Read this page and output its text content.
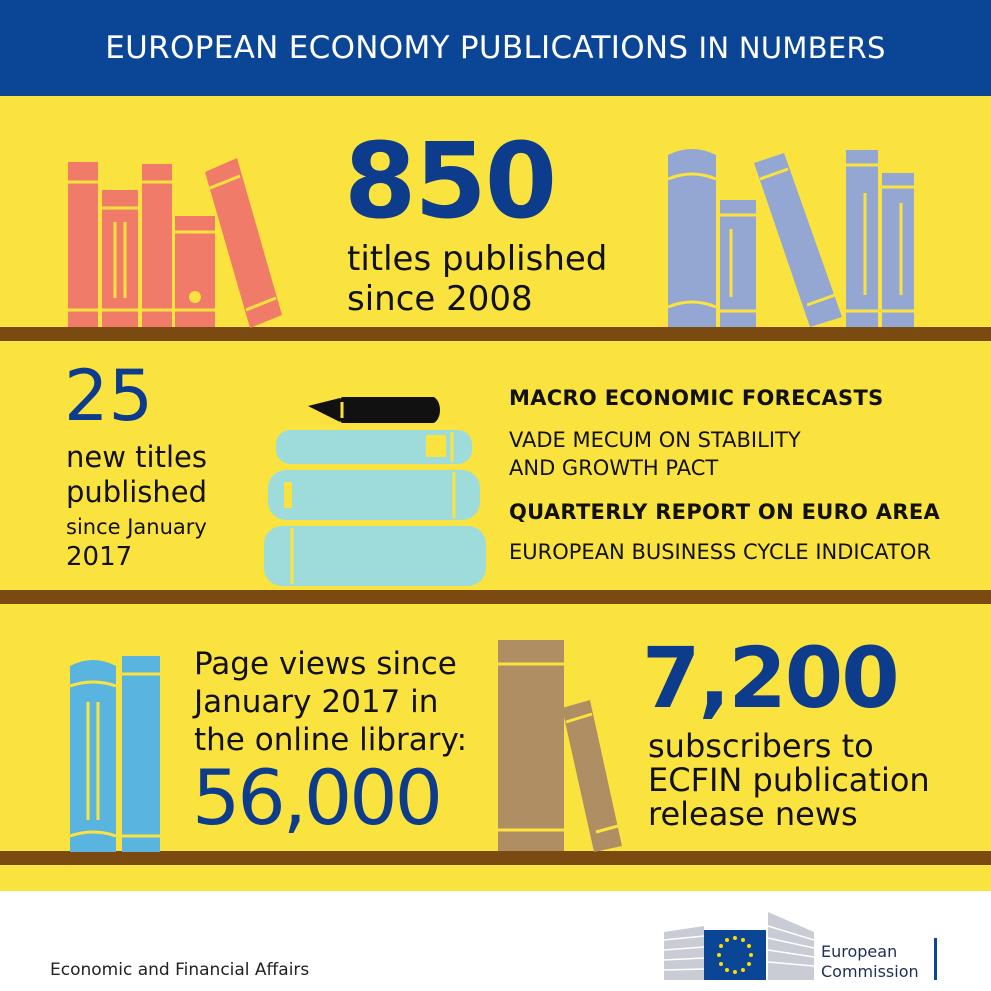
EUROPEAN ECONOMY PUBLICATIONS IN NUMBERS
850
titles published
since 2008
25
new titles
published
since January
2017
MACRO ECONOMIC FORECASTS
VADE MECUM ON STABILITY
AND GROWTH PACT
QUARTERLY REPORT ON EURO AREA
EUROPEAN BUSINESS CYCLE INDICATOR
Page views since
January 2017 in
the online library:
56,000
7,200
subscribers to
ECFIN publication
release news
Economic and Financial Affairs
European
Commission
